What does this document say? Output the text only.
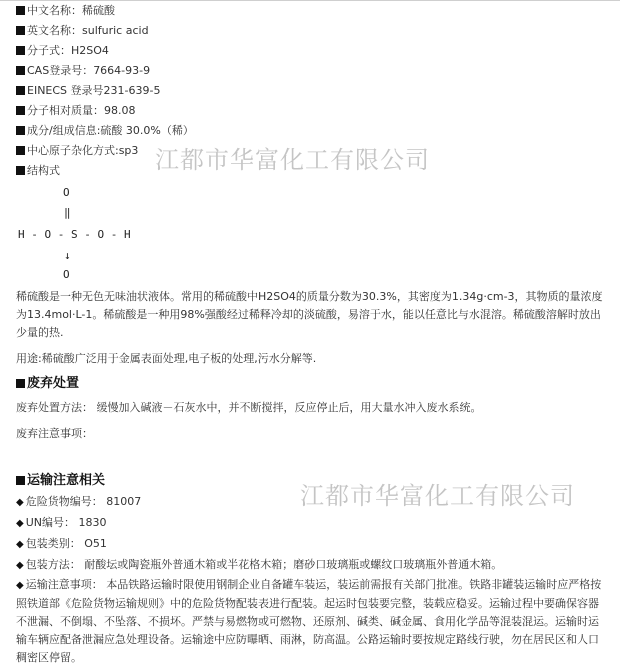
江都市华富化工有限公司
江都市华富化工有限公司
中文名称：稀硫酸
英文名称：sulfuric acid
分子式：H2SO4
CAS登录号：7664-93-9
EINECS 登录号231-639-5
分子相对质量：98.08
成分/组成信息:硫酸 30.0%（稀）
中心原子杂化方式:sp3
结构式
O
‖
H - O - S - O - H
↓
O
稀硫酸是一种无色无味油状液体。常用的稀硫酸中H2SO4的质量分数为30.3%，其密度为1.34g·cm-3，其物质的量浓度为13.4mol·L-1。稀硫酸是一种用98%强酸经过稀释冷却的淡硫酸，易溶于水，能以任意比与水混溶。稀硫酸溶解时放出少量的热.
用途:稀硫酸广泛用于金属表面处理,电子板的处理,污水分解等.
废弃处置
废弃处置方法： 缓慢加入碱液－石灰水中，并不断搅拌，反应停止后，用大量水冲入废水系统。
废弃注意事项：
运输注意相关
◆ 危险货物编号： 81007
◆ UN编号： 1830
◆ 包装类别： O51
◆ 包装方法： 耐酸坛或陶瓷瓶外普通木箱或半花格木箱；磨砂口玻璃瓶或螺纹口玻璃瓶外普通木箱。
◆ 运输注意事项： 本品铁路运输时限使用钢制企业自备罐车装运，装运前需报有关部门批准。铁路非罐装运输时应严格按照铁道部《危险货物运输规则》中的危险货物配装表进行配装。起运时包装要完整，装载应稳妥。运输过程中要确保容器不泄漏、不倒塌、不坠落、不损坏。严禁与易燃物或可燃物、还原剂、碱类、碱金属、食用化学品等混装混运。运输时运输车辆应配备泄漏应急处理设备。运输途中应防曝晒、雨淋，防高温。公路运输时要按规定路线行驶，勿在居民区和人口稠密区停留。
